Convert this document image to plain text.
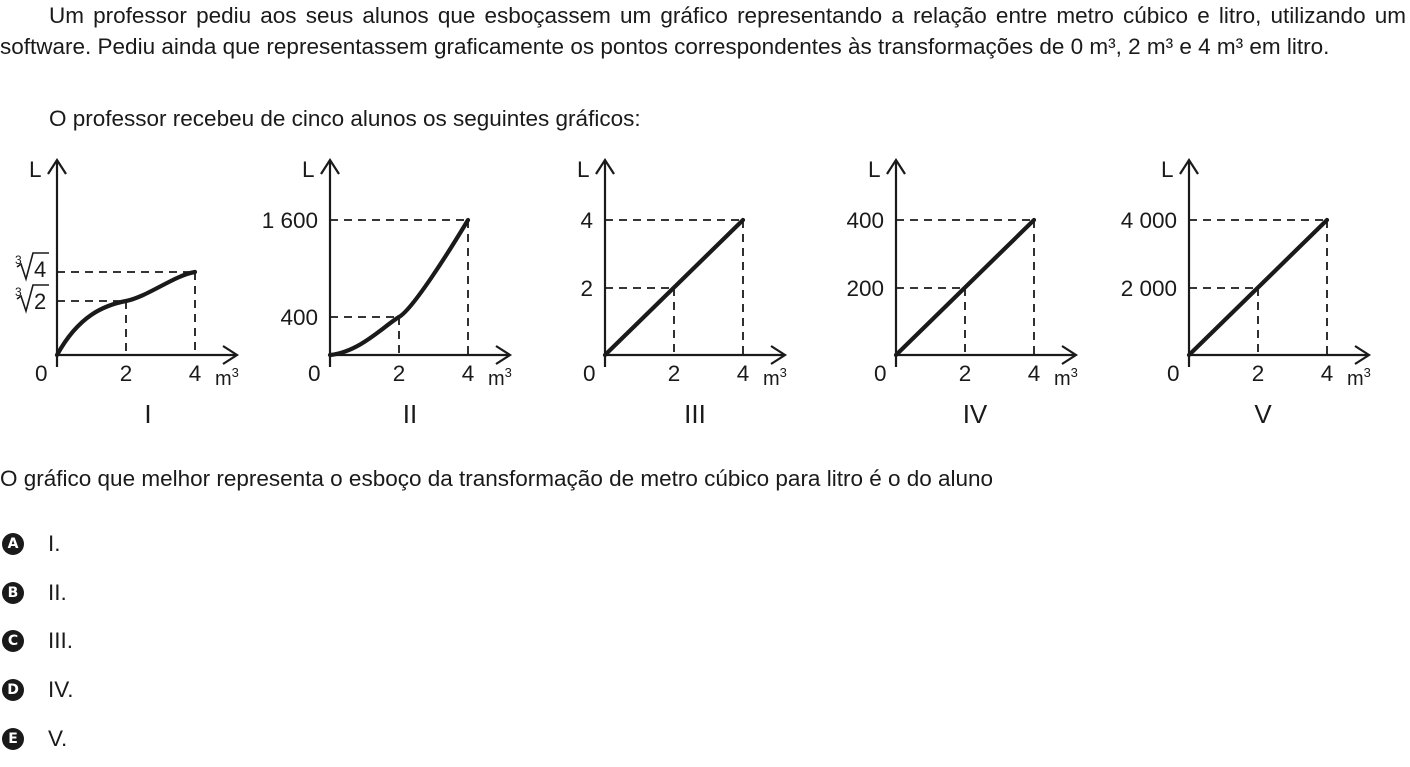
Um professor pediu aos seus alunos que esboçassem um gráfico representando a relação entre metro cúbico e litro, utilizando um software. Pediu ainda que representassem graficamente os pontos correspondentes às transformações de 0 m³, 2 m³ e 4 m³ em litro.

O professor recebeu de cinco alunos os seguintes gráficos:

L
0	2	4 $m^3$
I
3 2
3 4
L
0	2	4 $m^3$
II
400
1 600
L
0	2	4 $m^3$
III
2
4
L
0	2	4 $m^3$
IV
200
400
L
0	2	4 $m^3$
V
2 000
4 000

O gráfico que melhor representa o esboço da transformação de metro cúbico para litro é o do aluno

A I.
B II.
C III.
D IV.
E V.
